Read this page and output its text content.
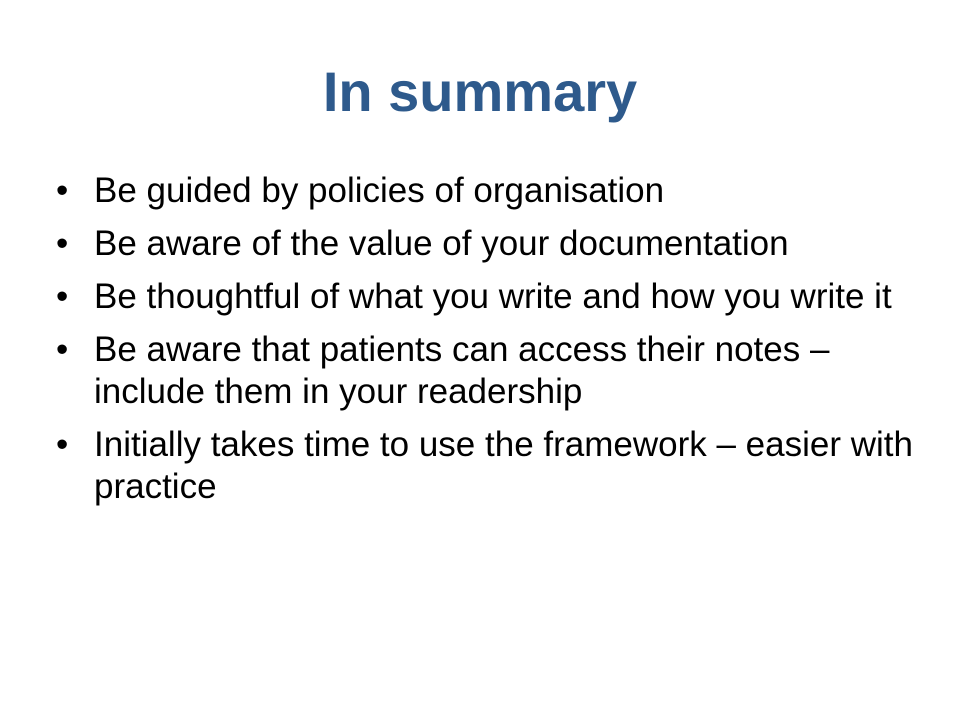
In summary
• Be guided by policies of organisation
• Be aware of the value of your documentation
• Be thoughtful of what you write and how you write it
• Be aware that patients can access their notes – include them in your readership
• Initially takes time to use the framework – easier with practice
